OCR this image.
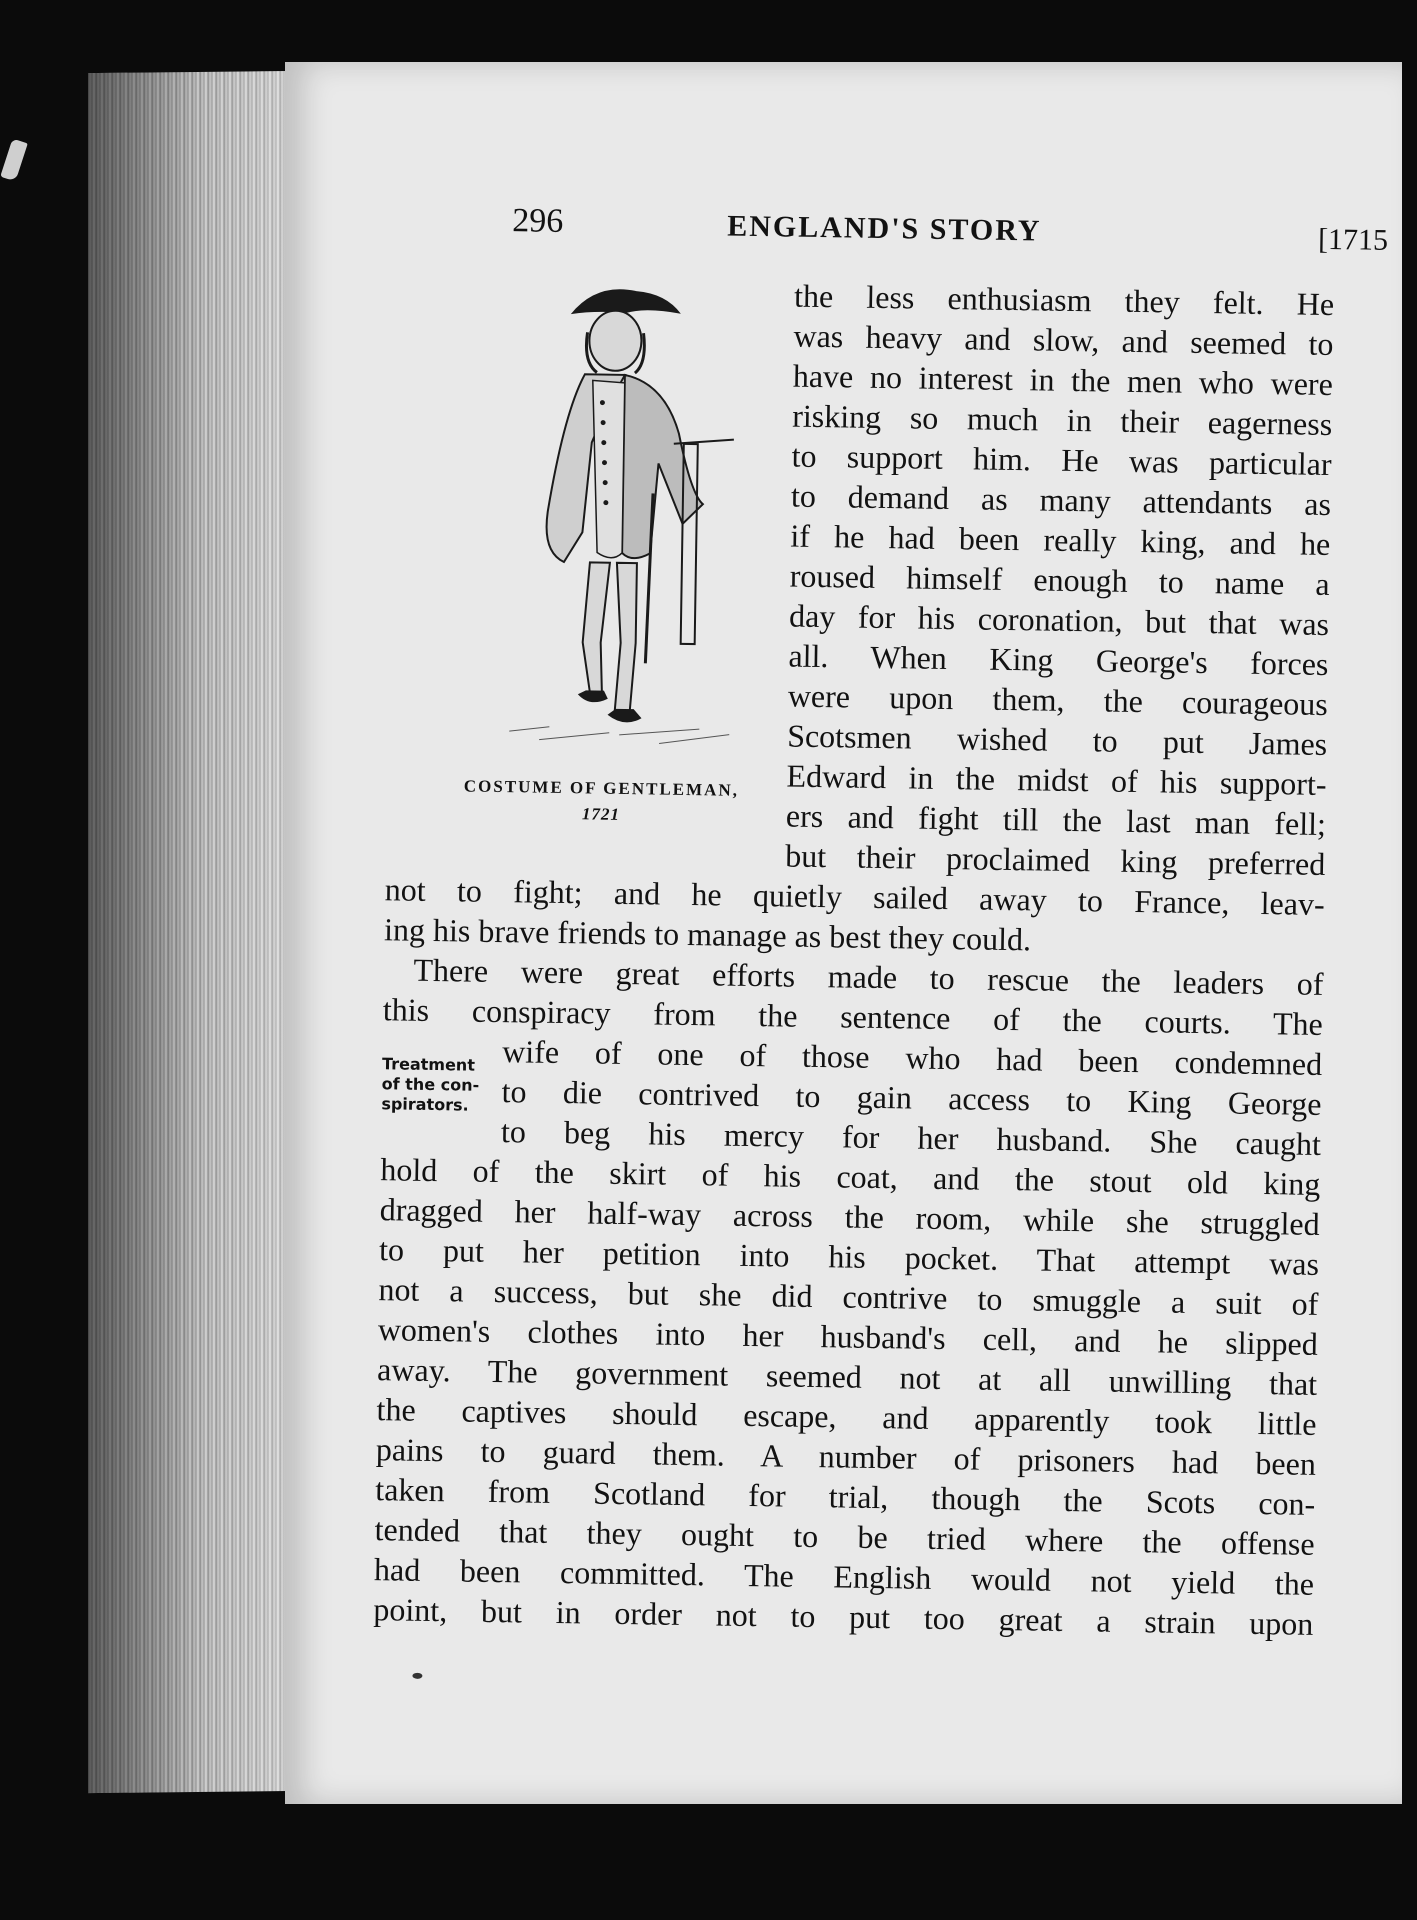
296	ENGLAND'S STORY	[1715
COSTUME OF GENTLEMAN,
1721
Treatment
of the con-
spirators.
the less enthusiasm they felt. He
was heavy and slow, and seemed to
have no interest in the men who were
risking so much in their eagerness
to support him. He was particular
to demand as many attendants as
if he had been really king, and he
roused himself enough to name a
day for his coronation, but that was
all. When King George's forces
were upon them, the courageous
Scotsmen wished to put James
Edward in the midst of his support-
ers and fight till the last man fell;
but their proclaimed king preferred
not to fight; and he quietly sailed away to France, leav-
ing his brave friends to manage as best they could.
There were great efforts made to rescue the leaders of
this conspiracy from the sentence of the courts. The
wife of one of those who had been condemned
to die contrived to gain access to King George
to beg his mercy for her husband. She caught
hold of the skirt of his coat, and the stout old king
dragged her half-way across the room, while she struggled
to put her petition into his pocket. That attempt was
not a success, but she did contrive to smuggle a suit of
women's clothes into her husband's cell, and he slipped
away. The government seemed not at all unwilling that
the captives should escape, and apparently took little
pains to guard them. A number of prisoners had been
taken from Scotland for trial, though the Scots con-
tended that they ought to be tried where the offense
had been committed. The English would not yield the
point, but in order not to put too great a strain upon
